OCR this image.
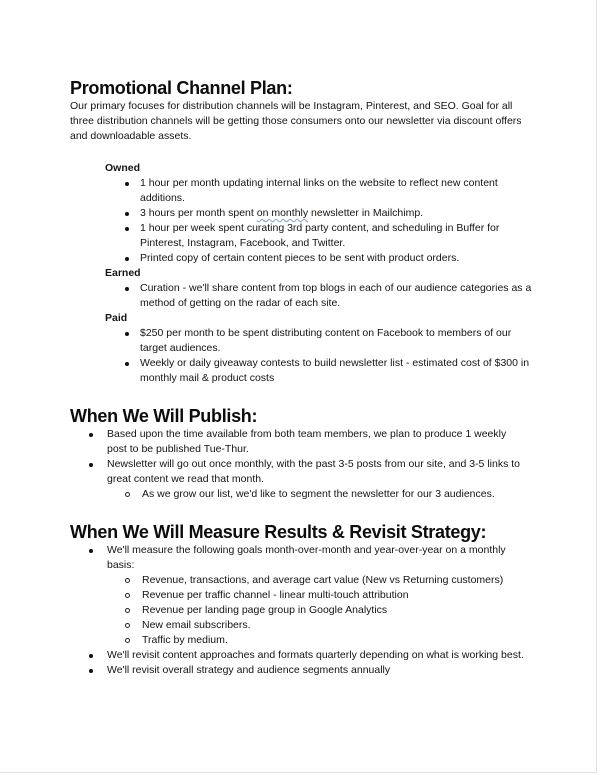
Promotional Channel Plan:

Our primary focuses for distribution channels will be Instagram, Pinterest, and SEO. Goal for all three distribution channels will be getting those consumers onto our newsletter via discount offers and downloadable assets.

Owned
1 hour per month updating internal links on the website to reflect new content additions.
3 hours per month spent on monthly newsletter in Mailchimp.
1 hour per week spent curating 3rd party content, and scheduling in Buffer for Pinterest, Instagram, Facebook, and Twitter.
Printed copy of certain content pieces to be sent with product orders.
Earned
Curation - we'll share content from top blogs in each of our audience categories as a method of getting on the radar of each site.
Paid
$250 per month to be spent distributing content on Facebook to members of our target audiences.
Weekly or daily giveaway contests to build newsletter list - estimated cost of $300 in monthly mail & product costs
When We Will Publish:
Based upon the time available from both team members, we plan to produce 1 weekly post to be published Tue-Thur.
Newsletter will go out once monthly, with the past 3-5 posts from our site, and 3-5 links to great content we read that month.
As we grow our list, we'd like to segment the newsletter for our 3 audiences.
When We Will Measure Results & Revisit Strategy:
We'll measure the following goals month-over-month and year-over-year on a monthly basis:
Revenue, transactions, and average cart value (New vs Returning customers)
Revenue per traffic channel - linear multi-touch attribution
Revenue per landing page group in Google Analytics
New email subscribers.
Traffic by medium.
We'll revisit content approaches and formats quarterly depending on what is working best.
We'll revisit overall strategy and audience segments annually
